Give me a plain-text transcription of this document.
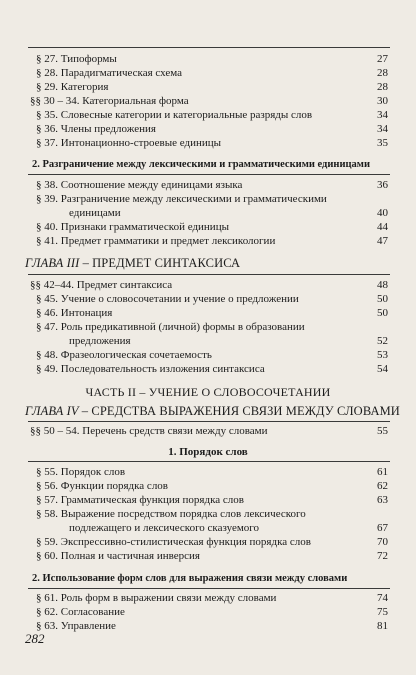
§ 27. Типоформы	27
§ 28. Парадигматическая схема	28
§ 29. Категория	28
§§ 30 – 34. Категориальная форма	30
§ 35. Словесные категории и категориальные разряды слов	34
§ 36. Члены предложения	34
§ 37. Интонационно-строевые единицы	35
2. Разграничение между лексическими и грамматическими единицами
§ 38. Соотношение между единицами языка	36
§ 39. Разграничение между лексическими и грамматическими
единицами	40
§ 40. Признаки грамматической единицы	44
§ 41. Предмет грамматики и предмет лексикологии	47
ГЛАВА III – ПРЕДМЕТ СИНТАКСИСА
§§ 42–44. Предмет синтаксиса	48
§ 45. Учение о словосочетании и учение о предложении	50
§ 46. Интонация	50
§ 47. Роль предикативной (личной) формы в образовании
предложения	52
§ 48. Фразеологическая сочетаемость	53
§ 49. Последовательность изложения синтаксиса	54
ЧАСТЬ II – УЧЕНИЕ О СЛОВОСОЧЕТАНИИ
ГЛАВА IV – СРЕДСТВА ВЫРАЖЕНИЯ СВЯЗИ МЕЖДУ СЛОВАМИ
§§ 50 – 54. Перечень средств связи между словами	55
1. Порядок слов
§ 55. Порядок слов	61
§ 56. Функции порядка слов	62
§ 57. Грамматическая функция порядка слов	63
§ 58. Выражение посредством порядка слов лексического
подлежащего и лексического сказуемого	67
§ 59. Экспрессивно-стилистическая функция порядка слов	70
§ 60. Полная и частичная инверсия	72
2. Использование форм слов для выражения связи между словами
§ 61. Роль форм в выражении связи между словами	74
§ 62. Согласование	75
§ 63. Управление	81
282
